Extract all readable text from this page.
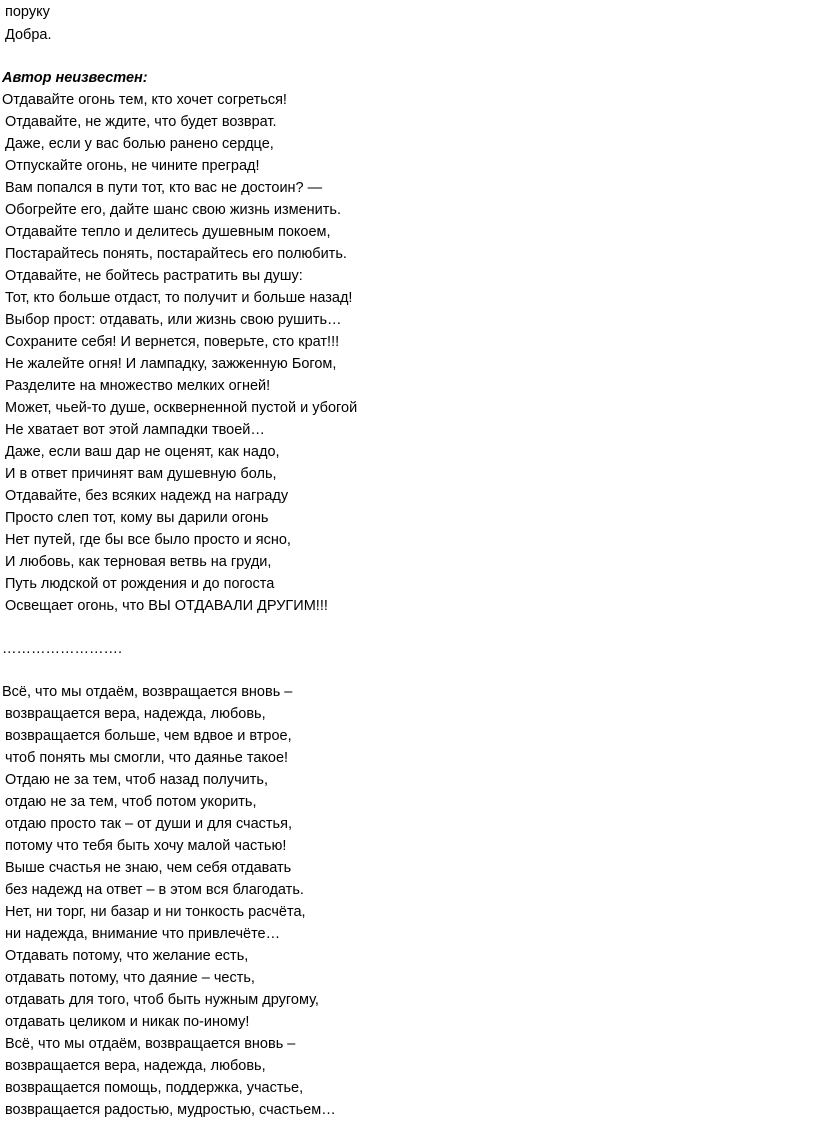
поруку
Добра.
Автор неизвестен:
Отдавайте огонь тем, кто хочет согреться!
Отдавайте, не ждите, что будет возврат.
Даже, если у вас болью ранено сердце,
Отпускайте огонь, не чините преград!
Вам попался в пути тот, кто вас не достоин? —
Обогрейте его, дайте шанс свою жизнь изменить.
Отдавайте тепло и делитесь душевным покоем,
Постарайтесь понять, постарайтесь его полюбить.
Отдавайте, не бойтесь растратить вы душу:
Тот, кто больше отдаст, то получит и больше назад!
Выбор прост: отдавать, или жизнь свою рушить…
Сохраните себя! И вернется, поверьте, сто крат!!!
Не жалейте огня! И лампадку, зажженную Богом,
Разделите на множество мелких огней!
Может, чьей-то душе, оскверненной пустой и убогой
Не хватает вот этой лампадки твоей…
Даже, если ваш дар не оценят, как надо,
И в ответ причинят вам душевную боль,
Отдавайте, без всяких надежд на награду
Просто слеп тот, кому вы дарили огонь
Нет путей, где бы все было просто и ясно,
И любовь, как терновая ветвь на груди,
Путь людской от рождения и до погоста
Освещает огонь, что ВЫ ОТДАВАЛИ ДРУГИМ!!!
…………………….
Всё, что мы отдаём, возвращается вновь –
возвращается вера, надежда, любовь,
возвращается больше, чем вдвое и втрое,
чтоб понять мы смогли, что даянье такое!
Отдаю не за тем, чтоб назад получить,
отдаю не за тем, чтоб потом укорить,
отдаю просто так – от души и для счастья,
потому что тебя быть хочу малой частью!
Выше счастья не знаю, чем себя отдавать
без надежд на ответ – в этом вся благодать.
Нет, ни торг, ни базар и ни тонкость расчёта,
ни надежда, внимание что привлечёте…
Отдавать потому, что желание есть,
отдавать потому, что даяние – честь,
отдавать для того, чтоб быть нужным другому,
отдавать целиком и никак по-иному!
Всё, что мы отдаём, возвращается вновь –
возвращается вера, надежда, любовь,
возвращается помощь, поддержка, участье,
возвращается радостью, мудростью, счастьем…
